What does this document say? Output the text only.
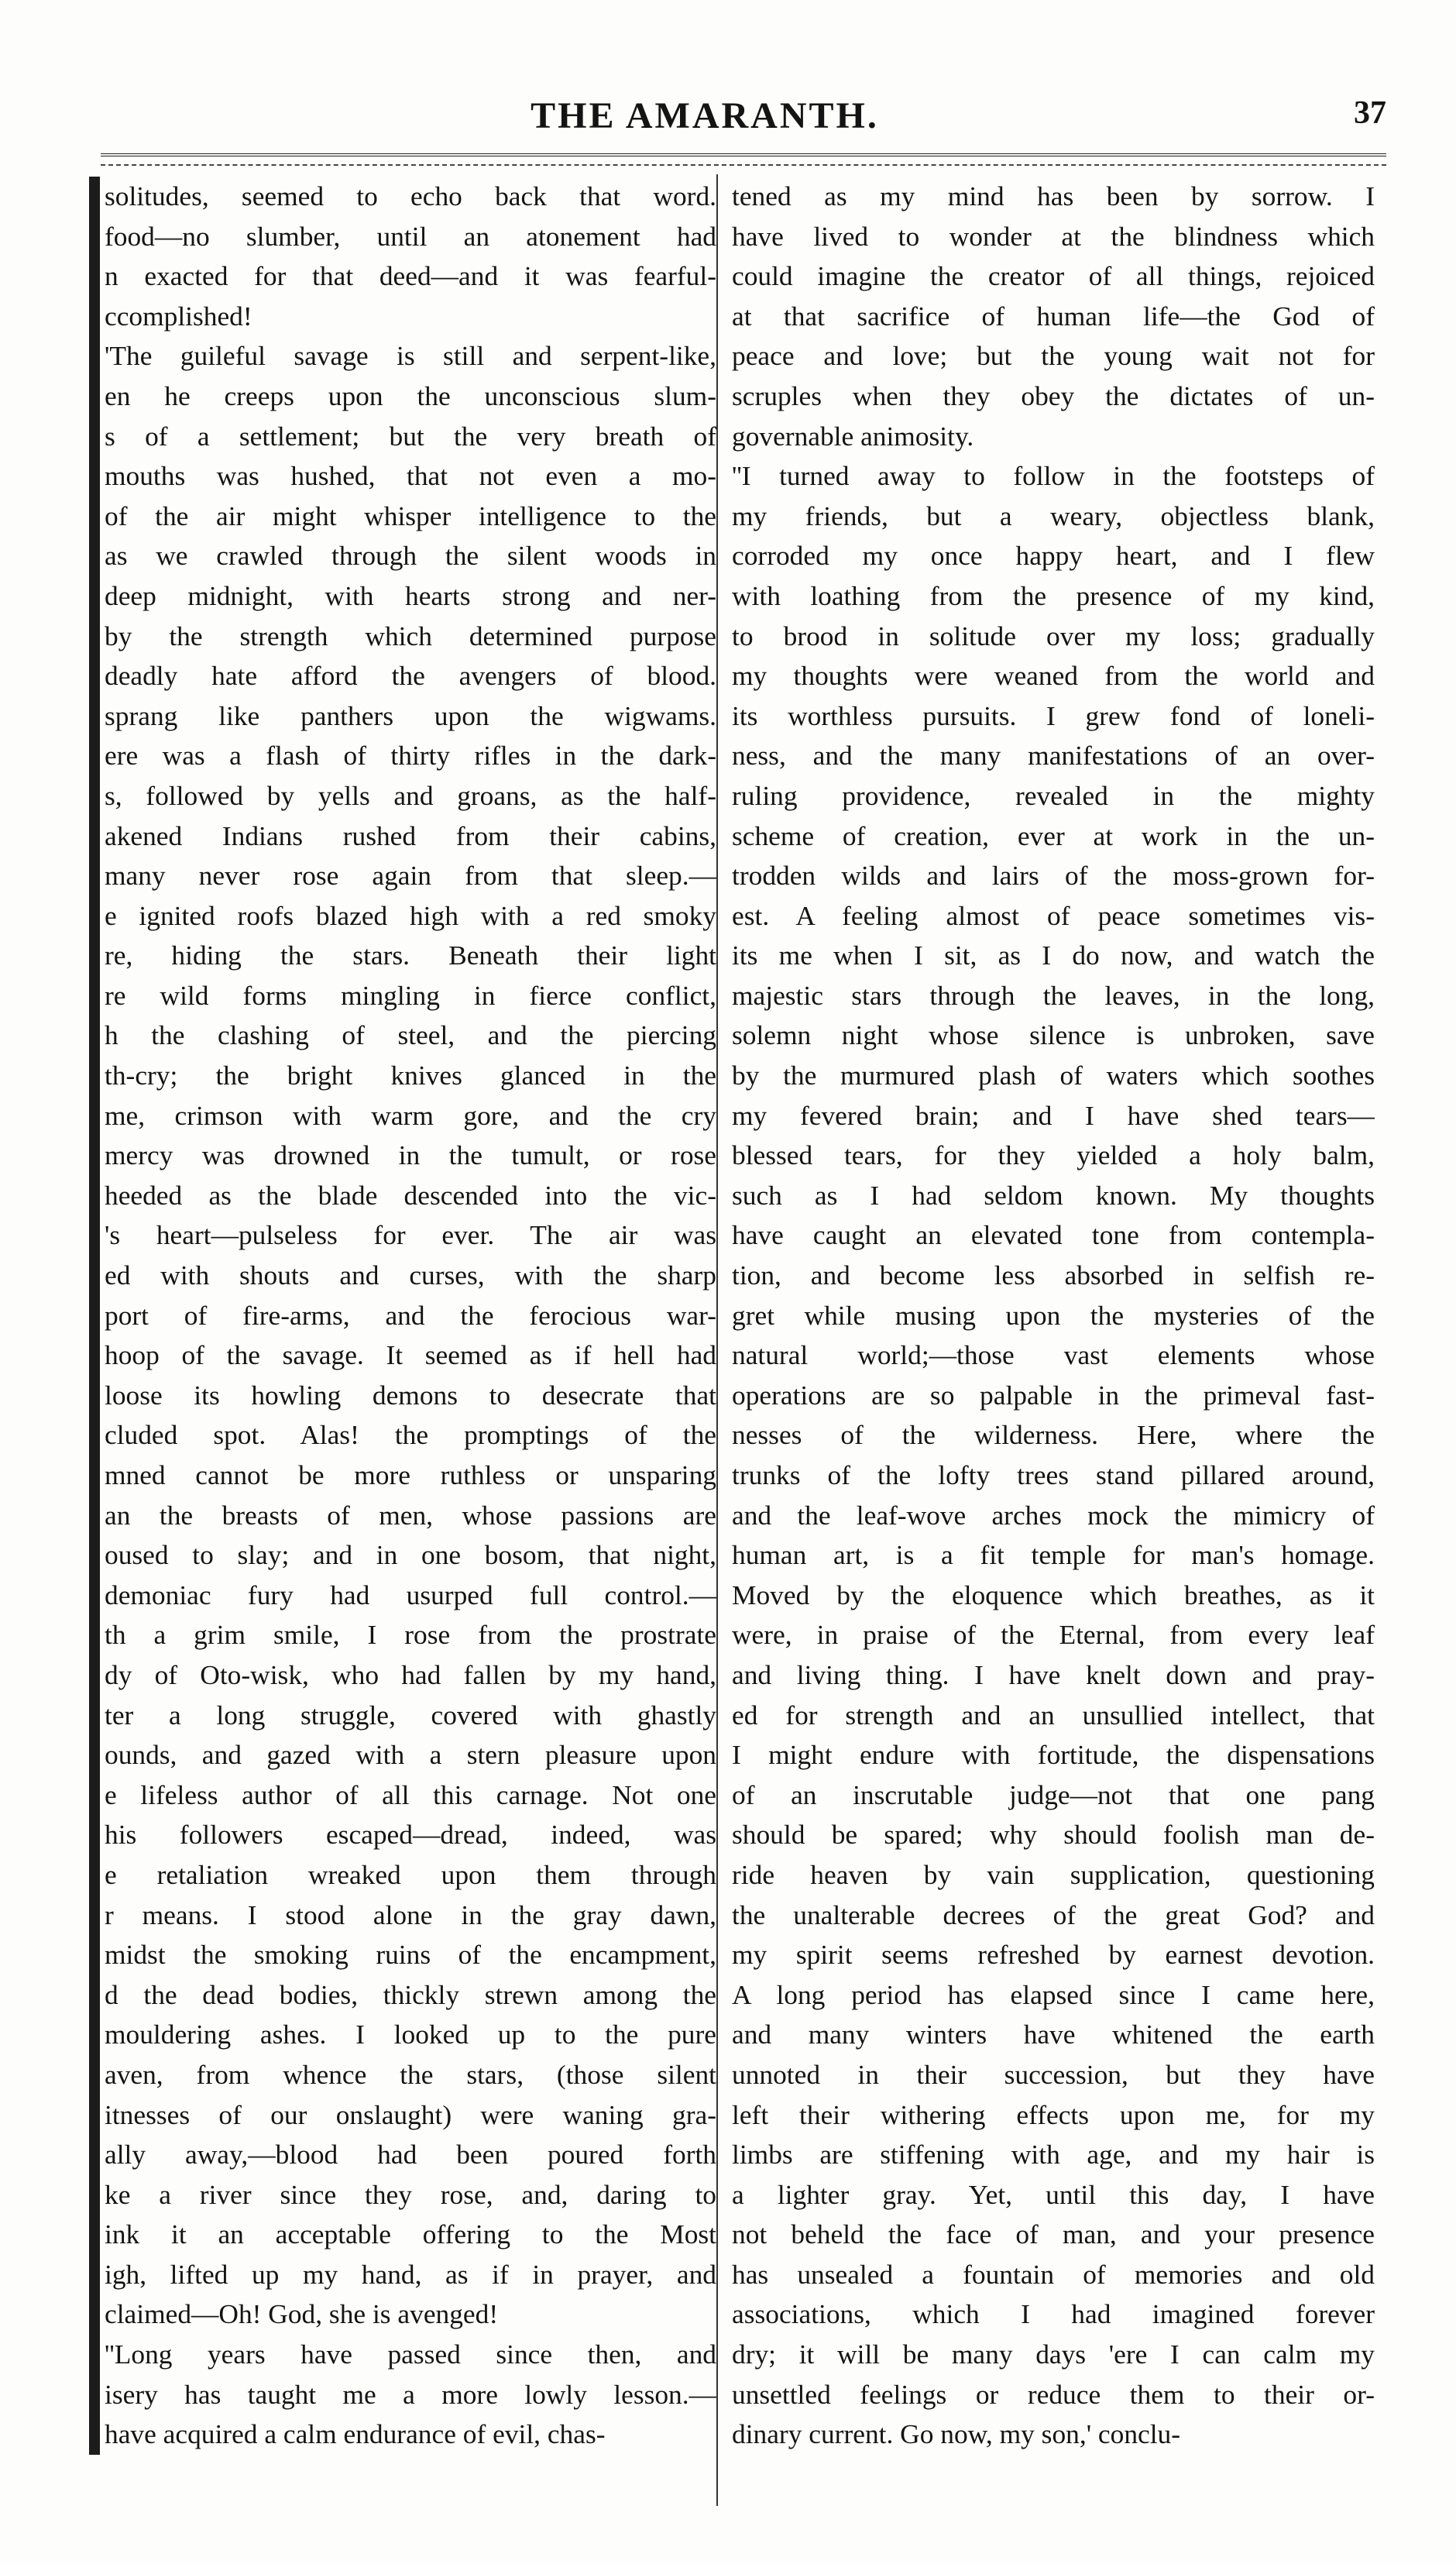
THE AMARANTH.	37
solitudes, seemed to echo back that word.
food—no slumber, until an atonement had
n exacted for that deed—and it was fearful-
ccomplished!
'The guileful savage is still and serpent-like,
en he creeps upon the unconscious slum-
s of a settlement; but the very breath of
mouths was hushed, that not even a mo-
of the air might whisper intelligence to the
as we crawled through the silent woods in
deep midnight, with hearts strong and ner-
by the strength which determined purpose
deadly hate afford the avengers of blood.
sprang like panthers upon the wigwams.
ere was a flash of thirty rifles in the dark-
s, followed by yells and groans, as the half-
akened Indians rushed from their cabins,
many never rose again from that sleep.—
e ignited roofs blazed high with a red smoky
re, hiding the stars. Beneath their light
re wild forms mingling in fierce conflict,
h the clashing of steel, and the piercing
th-cry; the bright knives glanced in the
me, crimson with warm gore, and the cry
mercy was drowned in the tumult, or rose
heeded as the blade descended into the vic-
's heart—pulseless for ever. The air was
ed with shouts and curses, with the sharp
port of fire-arms, and the ferocious war-
hoop of the savage. It seemed as if hell had
loose its howling demons to desecrate that
cluded spot. Alas! the promptings of the
mned cannot be more ruthless or unsparing
an the breasts of men, whose passions are
oused to slay; and in one bosom, that night,
demoniac fury had usurped full control.—
th a grim smile, I rose from the prostrate
dy of Oto-wisk, who had fallen by my hand,
ter a long struggle, covered with ghastly
ounds, and gazed with a stern pleasure upon
e lifeless author of all this carnage. Not one
his followers escaped—dread, indeed, was
e retaliation wreaked upon them through
r means. I stood alone in the gray dawn,
midst the smoking ruins of the encampment,
d the dead bodies, thickly strewn among the
mouldering ashes. I looked up to the pure
aven, from whence the stars, (those silent
itnesses of our onslaught) were waning gra-
ally away,—blood had been poured forth
ke a river since they rose, and, daring to
ink it an acceptable offering to the Most
igh, lifted up my hand, as if in prayer, and
claimed—Oh! God, she is avenged!
''Long years have passed since then, and
isery has taught me a more lowly lesson.—
have acquired a calm endurance of evil, chas-
tened as my mind has been by sorrow. I
have lived to wonder at the blindness which
could imagine the creator of all things, rejoiced
at that sacrifice of human life—the God of
peace and love; but the young wait not for
scruples when they obey the dictates of un-
governable animosity.
''I turned away to follow in the footsteps of
my friends, but a weary, objectless blank,
corroded my once happy heart, and I flew
with loathing from the presence of my kind,
to brood in solitude over my loss; gradually
my thoughts were weaned from the world and
its worthless pursuits. I grew fond of loneli-
ness, and the many manifestations of an over-
ruling providence, revealed in the mighty
scheme of creation, ever at work in the un-
trodden wilds and lairs of the moss-grown for-
est. A feeling almost of peace sometimes vis-
its me when I sit, as I do now, and watch the
majestic stars through the leaves, in the long,
solemn night whose silence is unbroken, save
by the murmured plash of waters which soothes
my fevered brain; and I have shed tears—
blessed tears, for they yielded a holy balm,
such as I had seldom known. My thoughts
have caught an elevated tone from contempla-
tion, and become less absorbed in selfish re-
gret while musing upon the mysteries of the
natural world;—those vast elements whose
operations are so palpable in the primeval fast-
nesses of the wilderness. Here, where the
trunks of the lofty trees stand pillared around,
and the leaf-wove arches mock the mimicry of
human art, is a fit temple for man's homage.
Moved by the eloquence which breathes, as it
were, in praise of the Eternal, from every leaf
and living thing. I have knelt down and pray-
ed for strength and an unsullied intellect, that
I might endure with fortitude, the dispensations
of an inscrutable judge—not that one pang
should be spared; why should foolish man de-
ride heaven by vain supplication, questioning
the unalterable decrees of the great God? and
my spirit seems refreshed by earnest devotion.
A long period has elapsed since I came here,
and many winters have whitened the earth
unnoted in their succession, but they have
left their withering effects upon me, for my
limbs are stiffening with age, and my hair is
a lighter gray. Yet, until this day, I have
not beheld the face of man, and your presence
has unsealed a fountain of memories and old
associations, which I had imagined forever
dry; it will be many days 'ere I can calm my
unsettled feelings or reduce them to their or-
dinary current. Go now, my son,' conclu-
